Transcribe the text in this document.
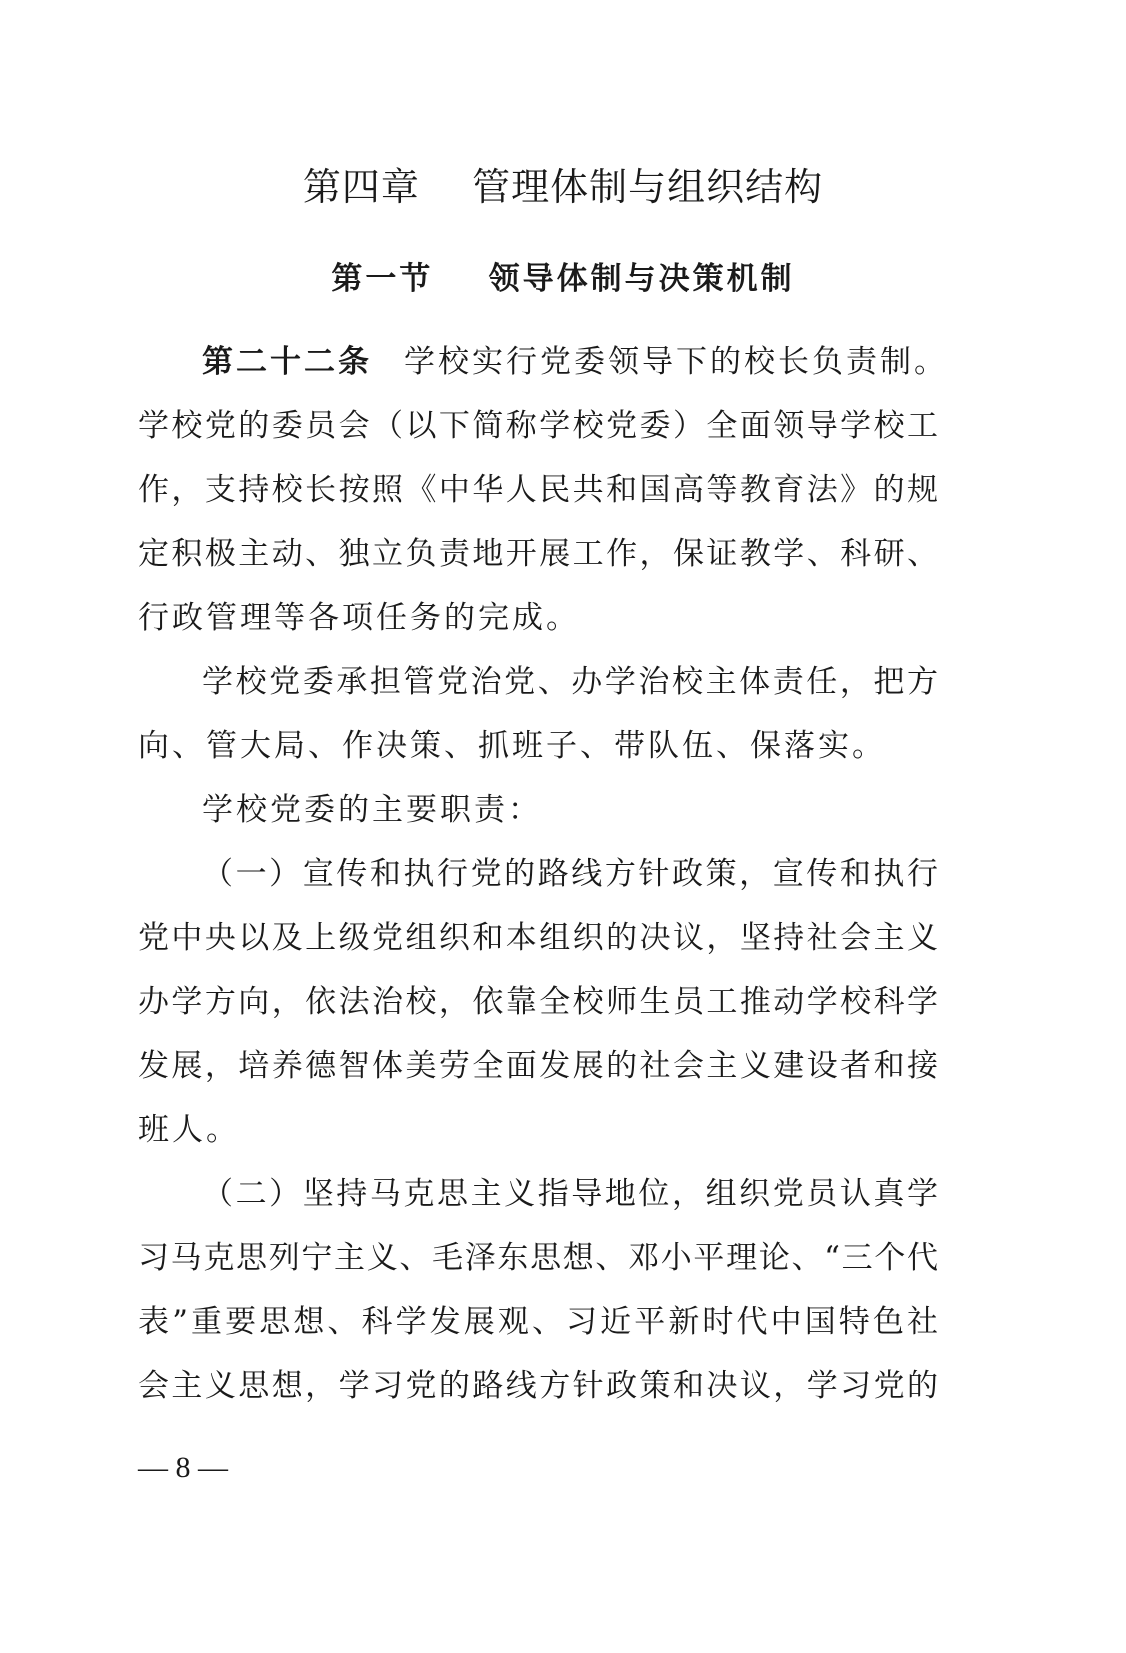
第四章    管理体制与组织结构
第一节    领导体制与决策机制
第二十二条 学校实行党委领导下的校长负责制。
学校党的委员会（以下简称学校党委）全面领导学校工
作，支持校长按照《中华人民共和国高等教育法》的规
定积极主动、独立负责地开展工作，保证教学、科研、
行政管理等各项任务的完成。
学校党委承担管党治党、办学治校主体责任，把方
向、管大局、作决策、抓班子、带队伍、保落实。
学校党委的主要职责：
（一）宣传和执行党的路线方针政策，宣传和执行
党中央以及上级党组织和本组织的决议，坚持社会主义
办学方向，依法治校，依靠全校师生员工推动学校科学
发展，培养德智体美劳全面发展的社会主义建设者和接
班人。
（二）坚持马克思主义指导地位，组织党员认真学
习马克思列宁主义、毛泽东思想、邓小平理论、“三个代
表”重要思想、科学发展观、习近平新时代中国特色社
会主义思想，学习党的路线方针政策和决议，学习党的
— 8 —
